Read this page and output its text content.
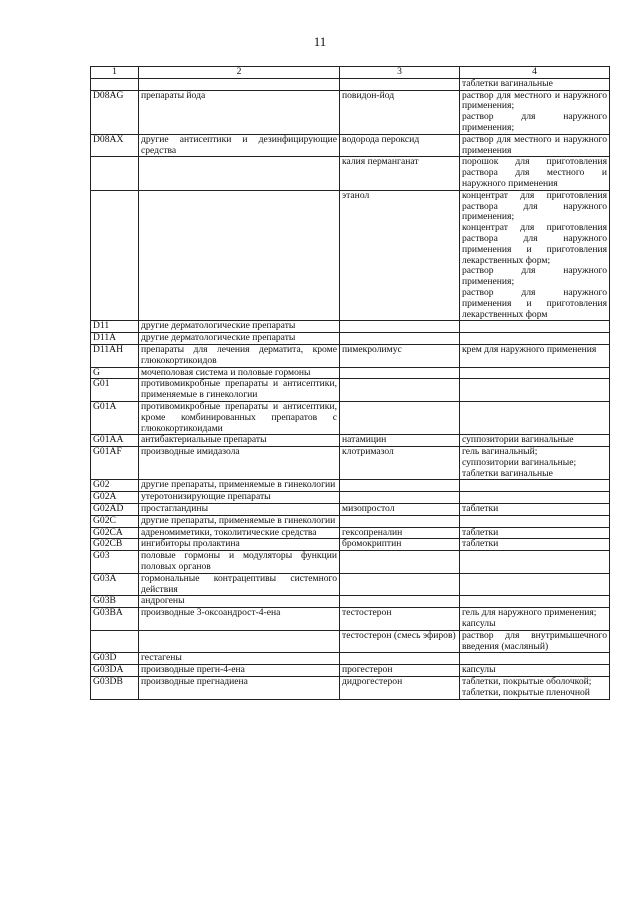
11
1	2	3	4
			таблетки вагинальные
D08AG	препараты йода	повидон-йод	раствор для местного и наружного применения;
раствор для наружного применения;
D08AX	другие антисептики и дезинфицирующие средства	водорода пероксид	раствор для местного и наружного применения
		калия перманганат	порошок для приготовления раствора для местного и наружного применения
		этанол	концентрат для приготовления раствора для наружного применения;
концентрат для приготовления раствора для наружного применения и приготовления лекарственных форм;
раствор для наружного применения;
раствор для наружного применения и приготовления лекарственных форм
D11	другие дерматологические препараты		
D11A	другие дерматологические препараты		
D11AH	препараты для лечения дерматита, кроме глюкокортикоидов	пимекролимус	крем для наружного применения
G	мочеполовая система и половые гормоны		
G01	противомикробные препараты и антисептики, применяемые в гинекологии		
G01A	противомикробные препараты и антисептики, кроме комбинированных препаратов с глюкокортикоидами		
G01AA	антибактериальные препараты	натамицин	суппозитории вагинальные
G01AF	производные имидазола	клотримазол	гель вагинальный;
суппозитории вагинальные;
таблетки вагинальные
G02	другие препараты, применяемые в гинекологии		
G02A	утеротонизирующие препараты		
G02AD	простагландины	мизопростол	таблетки
G02C	другие препараты, применяемые в гинекологии		
G02CA	адреномиметики, токолитические средства	гексопреналин	таблетки
G02CB	ингибиторы пролактина	бромокриптин	таблетки
G03	половые гормоны и модуляторы функции половых органов		
G03A	гормональные контрацептивы системного действия		
G03B	андрогены		
G03BA	производные 3-оксоандрост-4-ена	тестостерон	гель для наружного применения;
капсулы
		тестостерон (смесь эфиров)	раствор для внутримышечного введения (масляный)
G03D	гестагены		
G03DA	производные прегн-4-ена	прогестерон	капсулы
G03DB	производные прегнадиена	дидрогестерон	таблетки, покрытые оболочкой;
таблетки, покрытые пленочной
